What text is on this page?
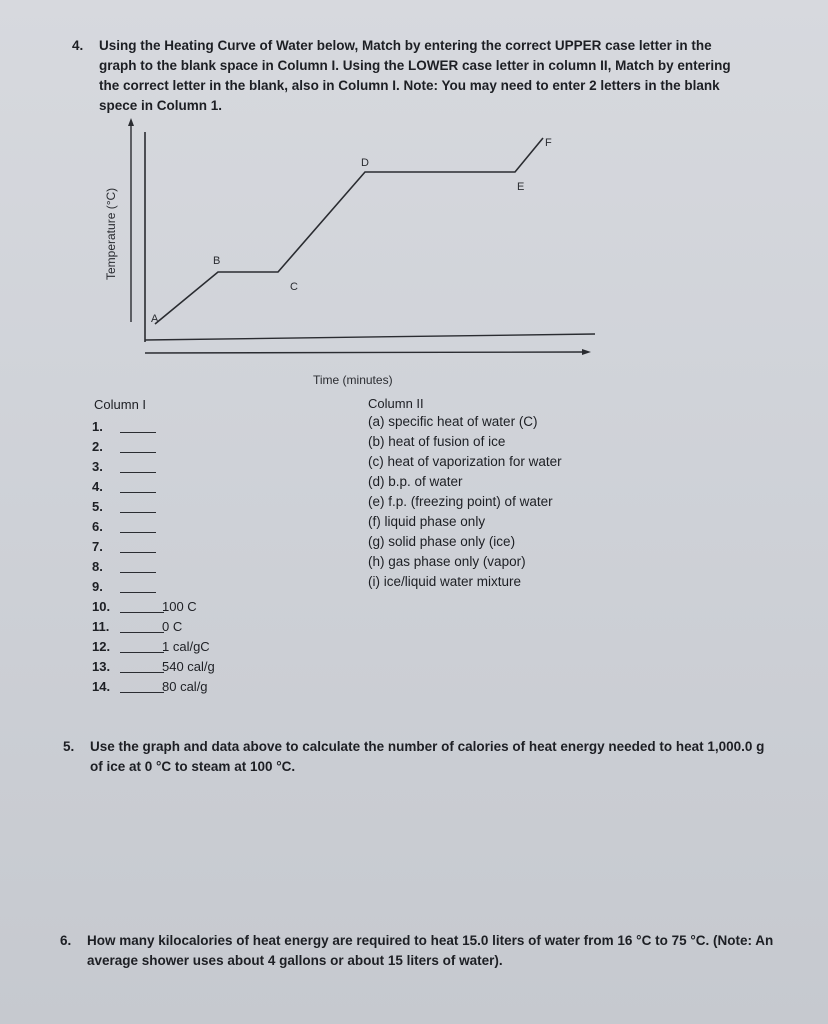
4. Using the Heating Curve of Water below, Match by entering the correct UPPER case letter in the graph to the blank space in Column I. Using the LOWER case letter in column II, Match by entering the correct letter in the blank, also in Column I. Note: You may need to enter 2 letters in the blank spece in Column 1.
A
B
C
D
E
F
Temperature (°C)
Time (minutes)
Column I	Column II
1.
2.
3.
4.
5.
6.
7.
8.
9.
10.	100 C
11.	0 C
12.	1 cal/gC
13.	540 cal/g
14.	80 cal/g
(a) specific heat of water (C)
(b) heat of fusion of ice
(c) heat of vaporization for water
(d) b.p. of water
(e) f.p. (freezing point) of water
(f) liquid phase only
(g) solid phase only (ice)
(h) gas phase only (vapor)
(i) ice/liquid water mixture
5. Use the graph and data above to calculate the number of calories of heat energy needed to heat 1,000.0 g of ice at 0 °C to steam at 100 °C.
6. How many kilocalories of heat energy are required to heat 15.0 liters of water from 16 °C to 75 °C. (Note: An average shower uses about 4 gallons or about 15 liters of water).
